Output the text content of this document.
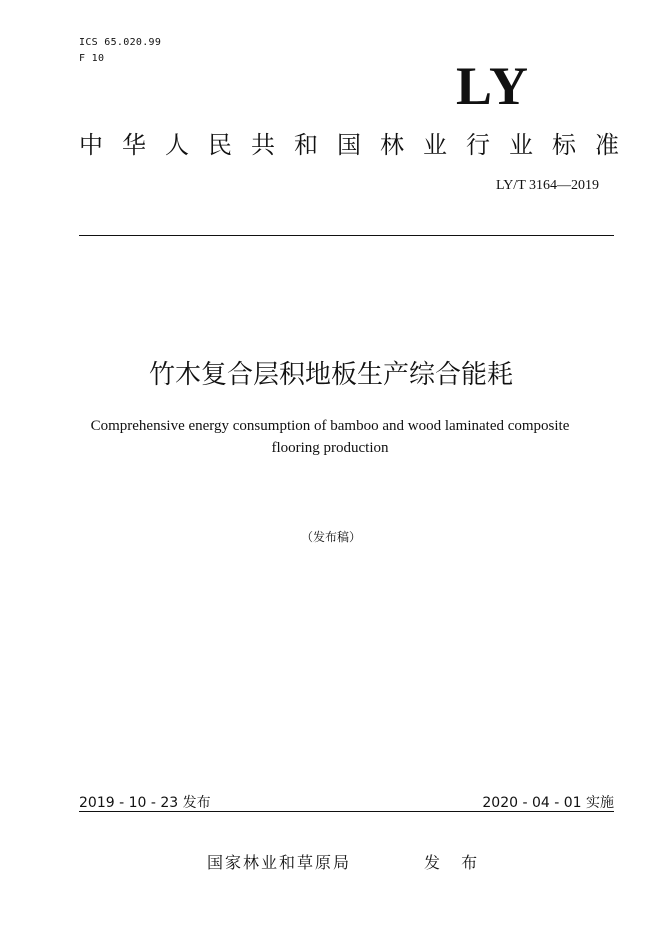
ICS 65.020.99
F 10	LY
中 华 人 民 共 和 国 林 业 行 业 标 准
LY/T 3164—2019
竹木复合层积地板生产综合能耗
Comprehensive energy consumption of bamboo and wood laminated composite
flooring production
（发布稿）
2019 - 10 - 23 发布	2020 - 04 - 01 实施
国家林业和草原局	发 布
